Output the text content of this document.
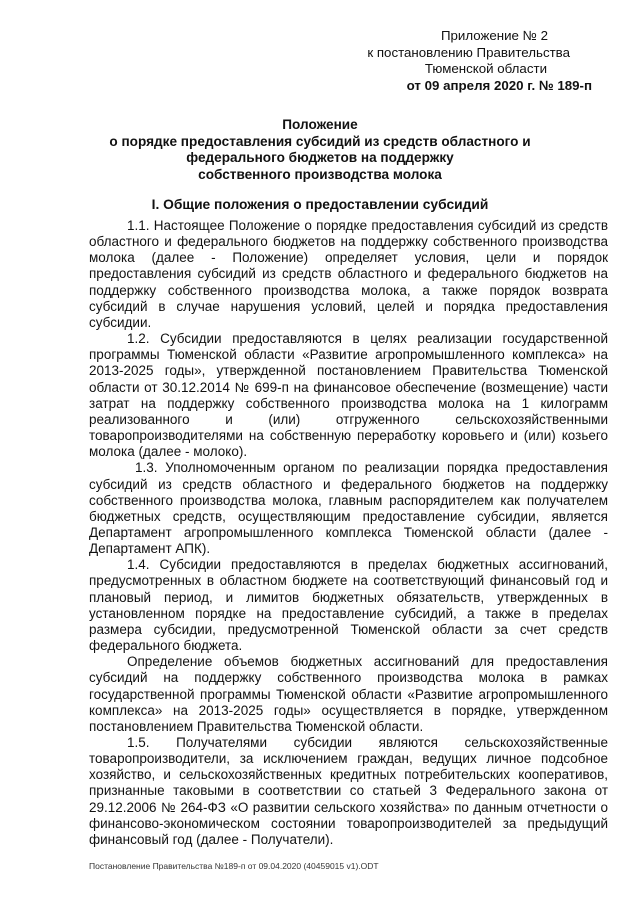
Приложение № 2
к постановлению Правительства
Тюменской области
от 09 апреля 2020 г. № 189-п
Положение
о порядке предоставления субсидий из средств областного и
федерального бюджетов на поддержку
собственного производства молока
I. Общие положения о предоставлении субсидий

1.1. Настоящее Положение о порядке предоставления субсидий из средств областного и федерального бюджетов на поддержку собственного производства молока (далее - Положение) определяет условия, цели и порядок предоставления субсидий из средств областного и федерального бюджетов на поддержку собственного производства молока, а также порядок возврата субсидий в случае нарушения условий, целей и порядка предоставления субсидии.

1.2. Субсидии предоставляются в целях реализации государственной программы Тюменской области «Развитие агропромышленного комплекса» на 2013-2025 годы», утвержденной постановлением Правительства Тюменской области от 30.12.2014 № 699-п на финансовое обеспечение (возмещение) части затрат на поддержку собственного производства молока на 1 килограмм реализованного и (или) отгруженного сельскохозяйственными товаропроизводителями на собственную переработку коровьего и (или) козьего молока (далее - молоко).

1.3. Уполномоченным органом по реализации порядка предоставления субсидий из средств областного и федерального бюджетов на поддержку собственного производства молока, главным распорядителем как получателем бюджетных средств, осуществляющим предоставление субсидии, является Департамент агропромышленного комплекса Тюменской области (далее - Департамент АПК).

1.4. Субсидии предоставляются в пределах бюджетных ассигнований, предусмотренных в областном бюджете на соответствующий финансовый год и плановый период, и лимитов бюджетных обязательств, утвержденных в установленном порядке на предоставление субсидий, а также в пределах размера субсидии, предусмотренной Тюменской области за счет средств федерального бюджета.

Определение объемов бюджетных ассигнований для предоставления субсидий на поддержку собственного производства молока в рамках государственной программы Тюменской области «Развитие агропромышленного комплекса» на 2013-2025 годы» осуществляется в порядке, утвержденном постановлением Правительства Тюменской области.

1.5. Получателями субсидии являются сельскохозяйственные товаропроизводители, за исключением граждан, ведущих личное подсобное хозяйство, и сельскохозяйственных кредитных потребительских кооперативов, признанные таковыми в соответствии со статьей 3 Федерального закона от 29.12.2006 № 264-ФЗ «О развитии сельского хозяйства» по данным отчетности о финансово-экономическом состоянии товаропроизводителей за предыдущий финансовый год (далее - Получатели).

Постановление Правительства №189-п от 09.04.2020 (40459015 v1).ODT
